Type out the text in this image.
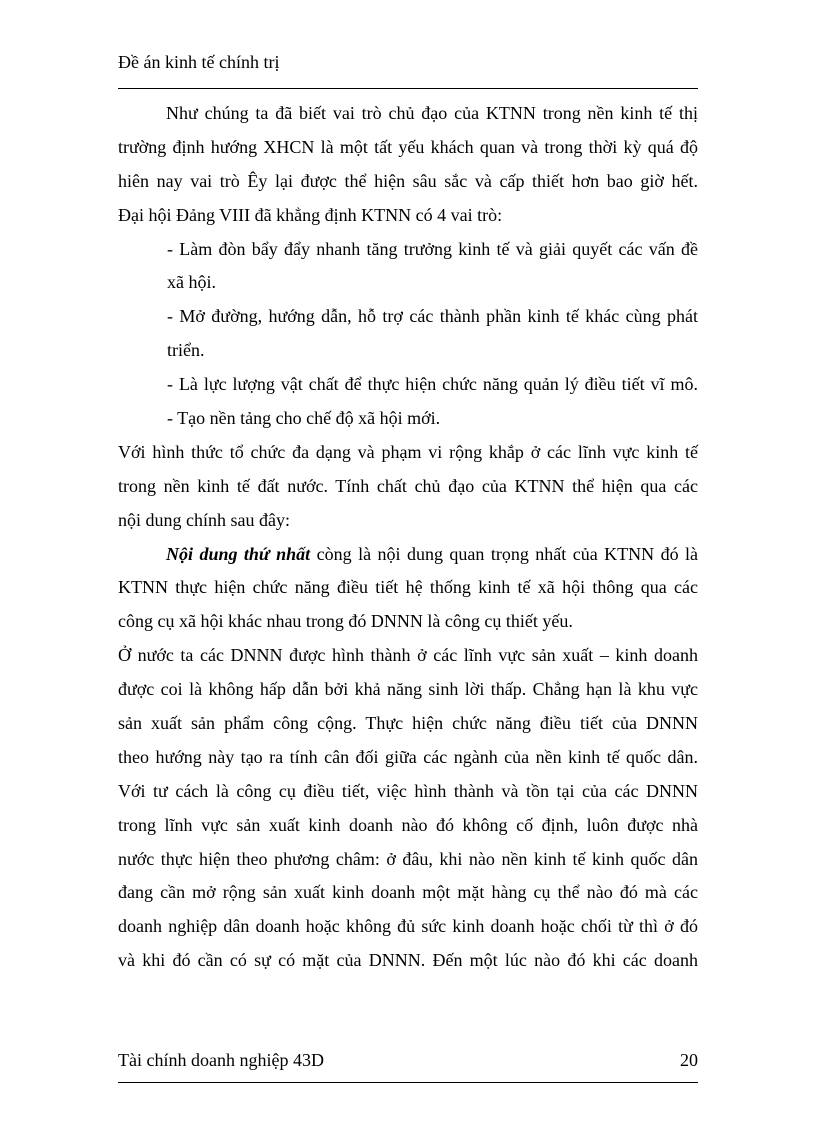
Đề án kinh tế chính trị
Như chúng ta đã biết vai trò chủ đạo của KTNN trong nền kinh tế thị
trường định hướng XHCN là một tất yếu khách quan và trong thời kỳ quá độ
hiên nay vai trò Êy lại được thể hiện sâu sắc và cấp thiết hơn bao giờ hết.
Đại hội Đảng VIII đã khẳng định KTNN có 4 vai trò:
- Làm đòn bẩy đẩy nhanh tăng trưởng kinh tế và giải quyết các vấn đề
xã hội.
- Mở đường, hướng dẫn, hỗ trợ các thành phần kinh tế khác cùng phát
triển.
- Là lực lượng vật chất để thực hiện chức năng quản lý điều tiết vĩ mô.
- Tạo nền tảng cho chế độ xã hội mới.
Với hình thức tổ chức đa dạng và phạm vi rộng khắp ở các lĩnh vực kinh tế
trong nền kinh tế đất nước. Tính chất chủ đạo của KTNN thể hiện qua các
nội dung chính sau đây:
Nội dung thứ nhất còng là nội dung quan trọng nhất của KTNN đó là
KTNN thực hiện chức năng điều tiết hệ thống kinh tế xã hội thông qua các
công cụ xã hội khác nhau trong đó DNNN là công cụ thiết yếu.
Ở nước ta các DNNN được hình thành ở các lĩnh vực sản xuất – kinh doanh
được coi là không hấp dẫn bởi khả năng sinh lời thấp. Chẳng hạn là khu vực
sản xuất sản phẩm công cộng. Thực hiện chức năng điều tiết của DNNN
theo hướng này tạo ra tính cân đối giữa các ngành của nền kinh tế quốc dân.
Với tư cách là công cụ điều tiết, việc hình thành và tồn tại của các DNNN
trong lĩnh vực sản xuất kinh doanh nào đó không cố định, luôn được nhà
nước thực hiện theo phương châm: ở đâu, khi nào nền kinh tế kinh quốc dân
đang cần mở rộng sản xuất kinh doanh một mặt hàng cụ thể nào đó mà các
doanh nghiệp dân doanh hoặc không đủ sức kinh doanh hoặc chối từ thì ở đó
và khi đó cần có sự có mặt của DNNN. Đến một lúc nào đó khi các doanh
Tài chính doanh nghiệp 43D	20
